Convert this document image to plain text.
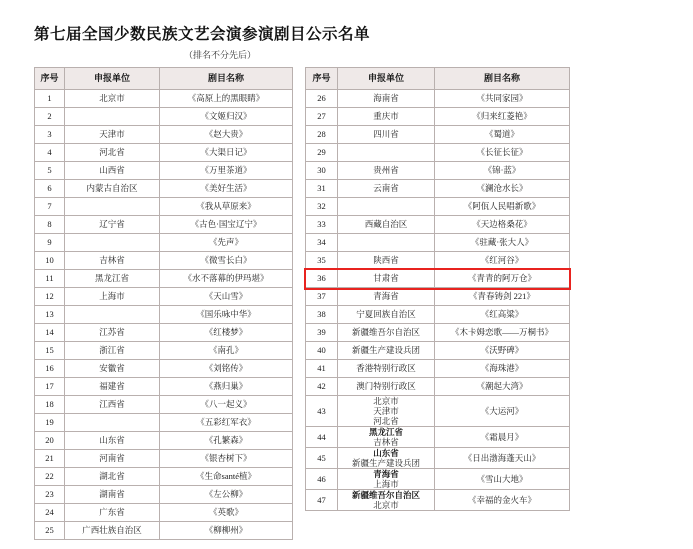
第七届全国少数民族文艺会演参演剧目公示名单
（排名不分先后）
序号	申报单位	剧目名称
1	北京市	《高原上的黑眼睛》
2		《文姬归汉》
3	天津市	《赵大贵》
4	河北省	《大渠日记》
5	山西省	《万里茶道》
6	内蒙古自治区	《美好生活》
7		《我从草原来》
8	辽宁省	《古色·国宝辽宁》
9		《先声》
10	吉林省	《微雪长白》
11	黑龙江省	《水不落幕的伊玛堪》
12	上海市	《天山雪》
13		《国乐咏中华》
14	江苏省	《红楼梦》
15	浙江省	《南孔》
16	安徽省	《刘铭传》
17	福建省	《燕归巢》
18	江西省	《八一起义》
19		《五彩红军衣》
20	山东省	《孔繁森》
21	河南省	《银杏树下》
22	湖北省	《生命santé植》
23	湖南省	《左公柳》
24	广东省	《英歌》
25	广西壮族自治区	《柳柳州》
序号	申报单位	剧目名称
26	海南省	《共同家园》
27	重庆市	《归来红菱艳》
28	四川省	《蜀道》
29		《长征长征》
30	贵州省	《锦·蓝》
31	云南省	《澜沧水长》
32		《阿佤人民唱新歌》
33	西藏自治区	《天边格桑花》
34		《驻藏·张大人》
35	陕西省	《红河谷》
36	甘肃省	《青青的阿万仓》
37	青海省	《青春铸剑 221》
38	宁夏回族自治区	《红高粱》
39	新疆维吾尔自治区	《木卡姆恋歌——万桐书》
40	新疆生产建设兵团	《沃野碑》
41	香港特别行政区	《海珠港》
42	澳门特别行政区	《潮起大湾》
43	北京市
天津市
河北省	《大运河》
44	黑龙江省
吉林省	《霜晨月》
45	山东省
新疆生产建设兵团	《日出渤海蓬天山》
46	青海省
上海市	《雪山大地》
47	新疆维吾尔自治区
北京市	《幸福的金火车》
